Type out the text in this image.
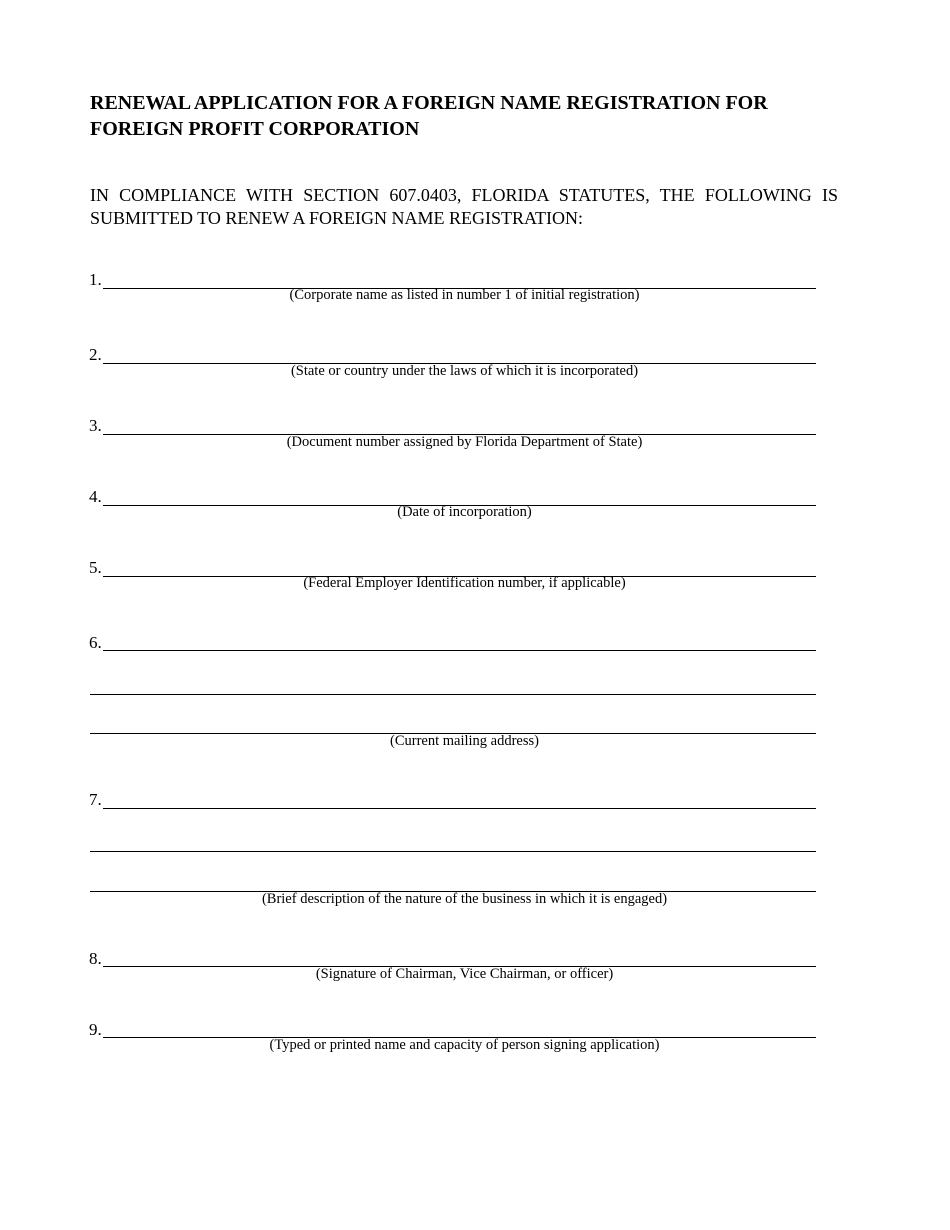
RENEWAL APPLICATION FOR A FOREIGN NAME REGISTRATION FOR FOREIGN PROFIT CORPORATION

IN COMPLIANCE WITH SECTION 607.0403, FLORIDA STATUTES, THE FOLLOWING IS SUBMITTED TO RENEW A FOREIGN NAME REGISTRATION:

1.
(Corporate name as listed in number 1 of initial registration)
2.
(State or country under the laws of which it is incorporated)
3.
(Document number assigned by Florida Department of State)
4.
(Date of incorporation)
5.
(Federal Employer Identification number, if applicable)
6.
(Current mailing address)
7.
(Brief description of the nature of the business in which it is engaged)
8.
(Signature of Chairman, Vice Chairman, or officer)
9.
(Typed or printed name and capacity of person signing application)
